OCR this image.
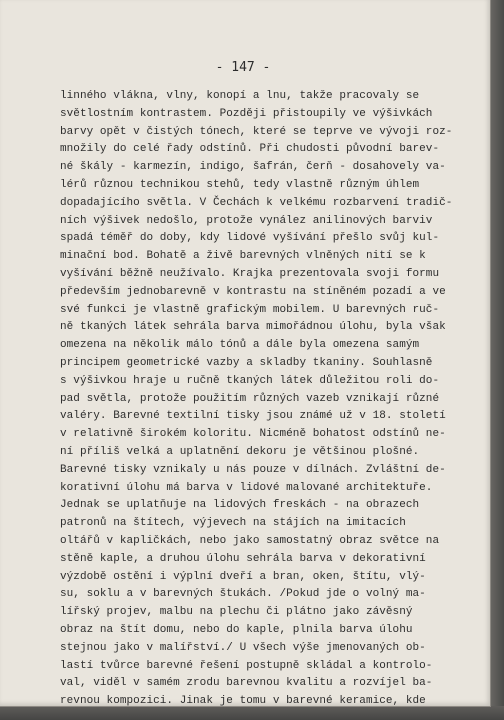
- 147 -
linného vlákna, vlny, konopí a lnu, takže pracovaly se
světlostním kontrastem. Později přistoupily ve výšivkách
barvy opět v čistých tónech, které se teprve ve vývoji roz-
množily do celé řady odstínů. Při chudosti původní barev-
né škály - karmezín, indigo, šafrán, čerň - dosahovely va-
lérů různou technikou stehů, tedy vlastně různým úhlem
dopadajícího světla. V Čechách k velkému rozbarvení tradič-
ních výšivek nedošlo, protože vynález anilinových barviv
spadá téměř do doby, kdy lidové vyšívání přešlo svůj kul-
minační bod. Bohatě a živě barevných vlněných nití se k
vyšívání běžně neužívalo. Krajka prezentovala svoji formu
především jednobarevně v kontrastu na stíněném pozadí a ve
své funkci je vlastně grafickým mobilem. U barevných ruč-
ně tkaných látek sehrála barva mimořádnou úlohu, byla však
omezena na několik málo tónů a dále byla omezena samým
principem geometrické vazby a skladby tkaniny. Souhlasně
s výšivkou hraje u ručně tkaných látek důležitou roli do-
pad světla, protože použitím různých vazeb vznikají různé
valéry. Barevné textilní tisky jsou známé už v 18. století
v relativně širokém koloritu. Nicméně bohatost odstínů ne-
ní příliš velká a uplatnění dekoru je většinou plošné.
Barevné tisky vznikaly u nás pouze v dílnách. Zvláštní de-
korativní úlohu má barva v lidové malované architektuře.
Jednak se uplatňuje na lidových freskách - na obrazech
patronů na štítech, výjevech na stájích na imitacích
oltářů v kapličkách, nebo jako samostatný obraz světce na
stěně kaple, a druhou úlohu sehrála barva v dekorativní
výzdobě ostění i výplní dveří a bran, oken, štítu, vlý-
su, soklu a v barevných štukách. /Pokud jde o volný ma-
lířský projev, malbu na plechu či plátno jako závěsný
obraz na štít domu, nebo do kaple, plnila barva úlohu
stejnou jako v malířství./ U všech výše jmenovaných ob-
lastí tvůrce barevné řešení postupně skládal a kontrolo-
val, viděl v samém zrodu barevnou kvalitu a rozvíjel ba-
revnou kompozici. Jinak je tomu v barevné keramice, kde
